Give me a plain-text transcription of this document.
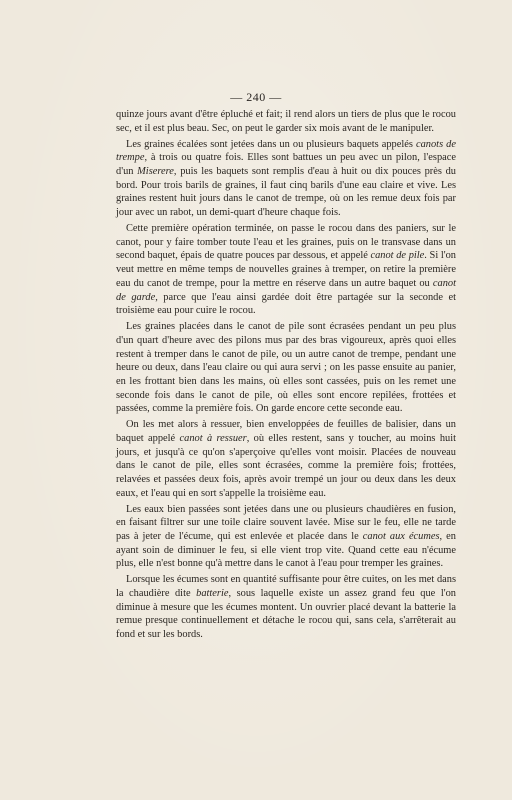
— 240 —

quinze jours avant d'être épluché et fait; il rend alors un tiers de plus que le rocou sec, et il est plus beau. Sec, on peut le garder six mois avant de le manipuler.

Les graines écalées sont jetées dans un ou plusieurs baquets appelés canots de trempe, à trois ou quatre fois. Elles sont battues un peu avec un pilon, l'espace d'un Miserere, puis les baquets sont remplis d'eau à huit ou dix pouces près du bord. Pour trois barils de graines, il faut cinq barils d'une eau claire et vive. Les graines restent huit jours dans le canot de trempe, où on les remue deux fois par jour avec un rabot, un demi-quart d'heure chaque fois.

Cette première opération terminée, on passe le rocou dans des paniers, sur le canot, pour y faire tomber toute l'eau et les graines, puis on le transvase dans un second baquet, épais de quatre pouces par dessous, et appelé canot de pile. Si l'on veut mettre en même temps de nouvelles graines à tremper, on retire la première eau du canot de trempe, pour la mettre en réserve dans un autre baquet ou canot de garde, parce que l'eau ainsi gardée doit être partagée sur la seconde et troisième eau pour cuire le rocou.

Les graines placées dans le canot de pile sont écrasées pendant un peu plus d'un quart d'heure avec des pilons mus par des bras vigoureux, après quoi elles restent à tremper dans le canot de pile, ou un autre canot de trempe, pendant une heure ou deux, dans l'eau claire ou qui aura servi ; on les passe ensuite au panier, en les frottant bien dans les mains, où elles sont cassées, puis on les remet une seconde fois dans le canot de pile, où elles sont encore repilées, frottées et passées, comme la première fois. On garde encore cette seconde eau.

On les met alors à ressuer, bien enveloppées de feuilles de balisier, dans un baquet appelé canot à ressuer, où elles restent, sans y toucher, au moins huit jours, et jusqu'à ce qu'on s'aperçoive qu'elles vont moisir. Placées de nouveau dans le canot de pile, elles sont écrasées, comme la première fois; frottées, relavées et passées deux fois, après avoir trempé un jour ou deux dans les deux eaux, et l'eau qui en sort s'appelle la troisième eau.

Les eaux bien passées sont jetées dans une ou plusieurs chaudières en fusion, en faisant filtrer sur une toile claire souvent lavée. Mise sur le feu, elle ne tarde pas à jeter de l'écume, qui est enlevée et placée dans le canot aux écumes, en ayant soin de diminuer le feu, si elle vient trop vite. Quand cette eau n'écume plus, elle n'est bonne qu'à mettre dans le canot à l'eau pour tremper les graines.

Lorsque les écumes sont en quantité suffisante pour être cuites, on les met dans la chaudière dite batterie, sous laquelle existe un assez grand feu que l'on diminue à mesure que les écumes montent. Un ouvrier placé devant la batterie la remue presque continuellement et détache le rocou qui, sans cela, s'arrêterait au fond et sur les bords.
